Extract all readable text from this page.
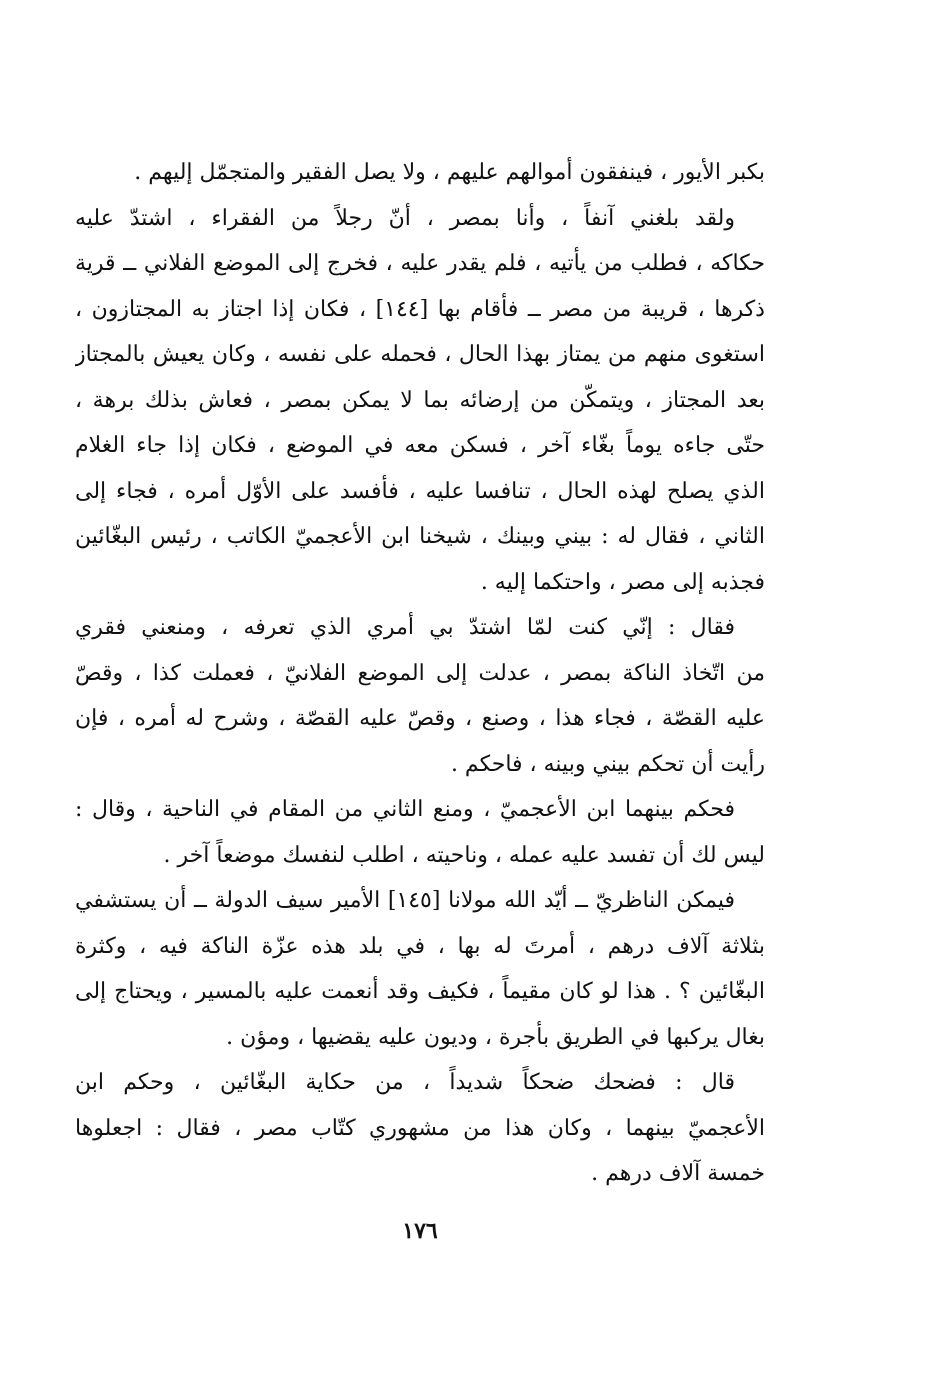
بكبر الأيور ، فينفقون أموالهم عليهم ، ولا يصل الفقير والمتجمّل إليهم .
ولقد بلغني آنفاً ، وأنا بمصر ، أنّ رجلاً من الفقراء ، اشتدّ عليه
حكاكه ، فطلب من يأتيه ، فلم يقدر عليه ، فخرج إلى الموضع الفلاني ــ قرية
ذكرها ، قريبة من مصر ــ فأقام بها [١٤٤] ، فكان إذا اجتاز به المجتازون ،
استغوى منهم من يمتاز بهذا الحال ، فحمله على نفسه ، وكان يعيش بالمجتاز
بعد المجتاز ، ويتمكّن من إرضائه بما لا يمكن بمصر ، فعاش بذلك برهة ،
حتّى جاءه يوماً بغّاء آخر ، فسكن معه في الموضع ، فكان إذا جاء الغلام
الذي يصلح لهذه الحال ، تنافسا عليه ، فأفسد على الأوّل أمره ، فجاء إلى
الثاني ، فقال له : بيني وبينك ، شيخنا ابن الأعجميّ الكاتب ، رئيس البغّائين
فجذبه إلى مصر ، واحتكما إليه .
فقال : إنّي كنت لمّا اشتدّ بي أمري الذي تعرفه ، ومنعني فقري
من اتّخاذ الناكة بمصر ، عدلت إلى الموضع الفلانيّ ، فعملت كذا ، وقصّ
عليه القصّة ، فجاء هذا ، وصنع ، وقصّ عليه القصّة ، وشرح له أمره ، فإن
رأيت أن تحكم بيني وبينه ، فاحكم .
فحكم بينهما ابن الأعجميّ ، ومنع الثاني من المقام في الناحية ، وقال :
ليس لك أن تفسد عليه عمله ، وناحيته ، اطلب لنفسك موضعاً آخر .
فيمكن الناظريّ ــ أيّد الله مولانا [١٤٥] الأمير سيف الدولة ــ أن يستشفي
بثلاثة آلاف درهم ، أمرتَ له بها ، في بلد هذه عزّة الناكة فيه ، وكثرة
البغّائين ؟ . هذا لو كان مقيماً ، فكيف وقد أنعمت عليه بالمسير ، ويحتاج إلى
بغال يركبها في الطريق بأجرة ، وديون عليه يقضيها ، ومؤن .
قال : فضحك ضحكاً شديداً ، من حكاية البغّائين ، وحكم ابن
الأعجميّ بينهما ، وكان هذا من مشهوري كتّاب مصر ، فقال : اجعلوها
خمسة آلاف درهم .
١٧٦
